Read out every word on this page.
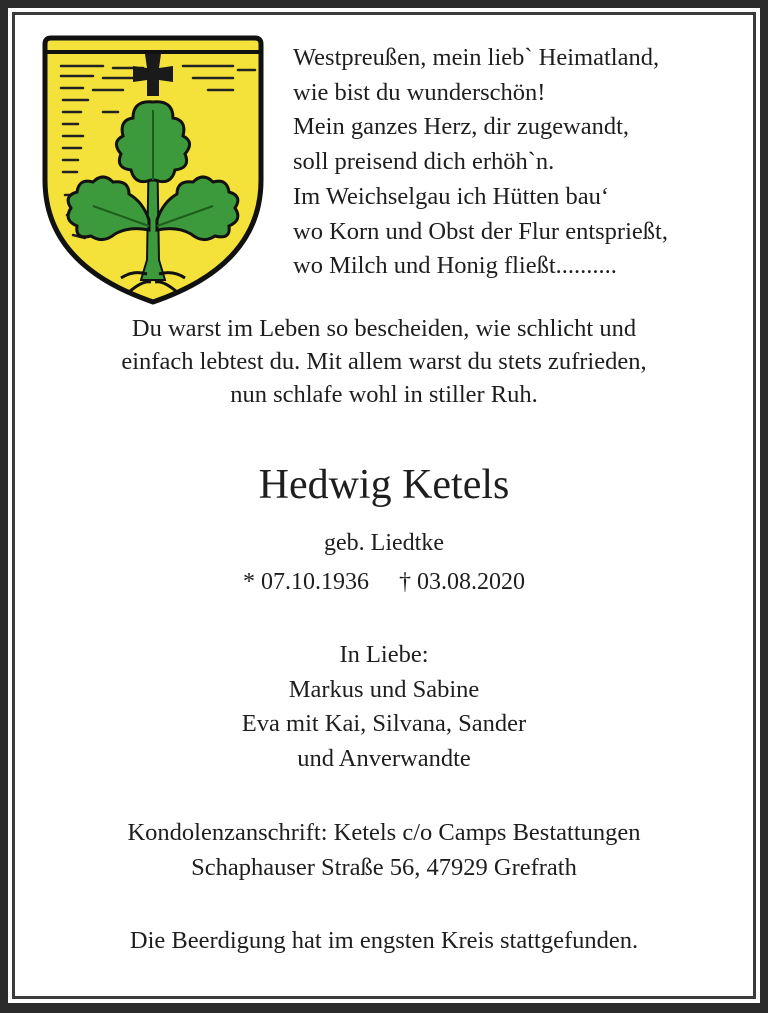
Westpreußen, mein lieb` Heimatland,
wie bist du wunderschön!
Mein ganzes Herz, dir zugewandt,
soll preisend dich erhöh`n.
Im Weichselgau ich Hütten bau‘
wo Korn und Obst der Flur entsprießt,
wo Milch und Honig fließt..........
Du warst im Leben so bescheiden, wie schlicht und
einfach lebtest du. Mit allem warst du stets zufrieden,
nun schlafe wohl in stiller Ruh.
Hedwig Ketels
geb. Liedtke
* 07.10.1936 † 03.08.2020
In Liebe:
Markus und Sabine
Eva mit Kai, Silvana, Sander
und Anverwandte
Kondolenzanschrift: Ketels c/o Camps Bestattungen
Schaphauser Straße 56, 47929 Grefrath
Die Beerdigung hat im engsten Kreis stattgefunden.
